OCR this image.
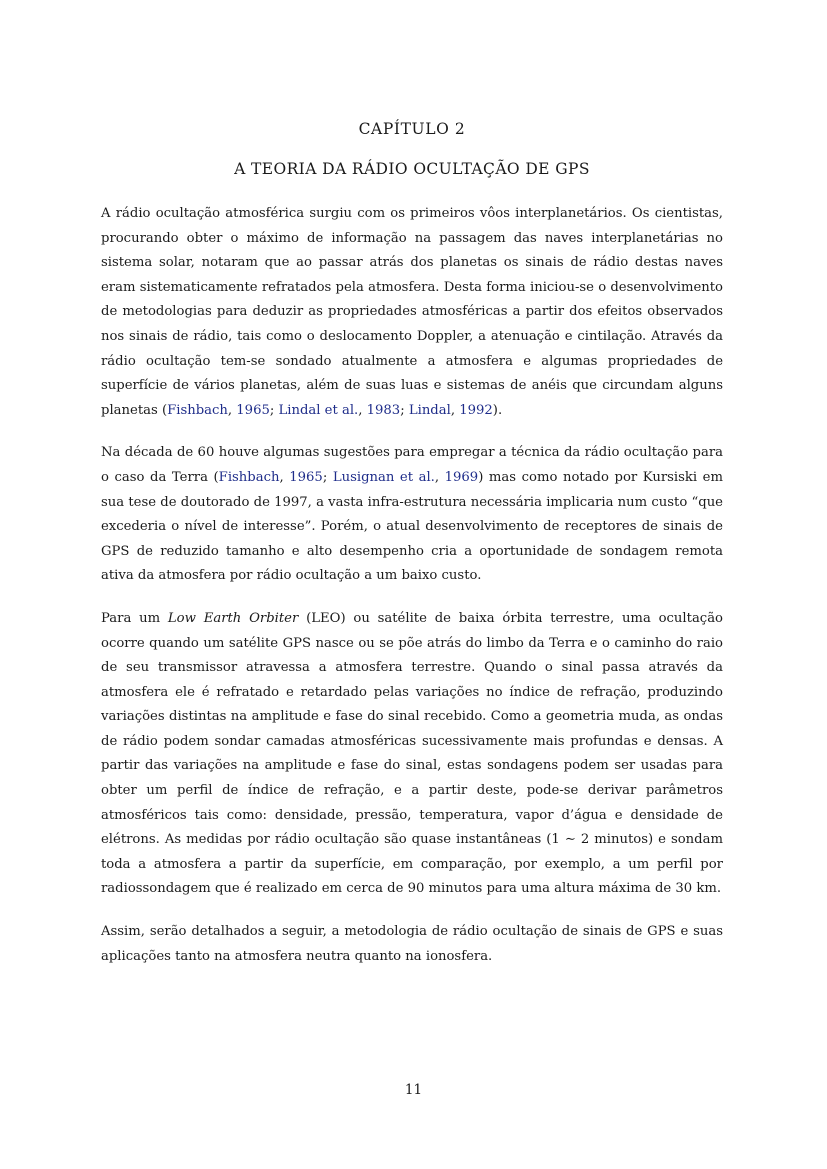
CAPÍTULO 2
A TEORIA DA RÁDIO OCULTAÇÃO DE GPS

A rádio ocultação atmosférica surgiu com os primeiros vôos interplanetários. Os cientistas, procurando obter o máximo de informação na passagem das naves interplanetárias no sistema solar, notaram que ao passar atrás dos planetas os sinais de rádio destas naves eram sistematicamente refratados pela atmosfera. Desta forma iniciou-se o desenvolvimento de metodologias para deduzir as propriedades atmosféricas a partir dos efeitos observados nos sinais de rádio, tais como o deslocamento Doppler, a atenuação e cintilação. Através da rádio ocultação tem-se sondado atualmente a atmosfera e algumas propriedades de superfície de vários planetas, além de suas luas e sistemas de anéis que circundam alguns planetas (Fishbach, 1965; Lindal et al., 1983; Lindal, 1992).

Na década de 60 houve algumas sugestões para empregar a técnica da rádio ocultação para o caso da Terra (Fishbach, 1965; Lusignan et al., 1969) mas como notado por Kursiski em sua tese de doutorado de 1997, a vasta infra-estrutura necessária implicaria num custo “que excederia o nível de interesse”. Porém, o atual desenvolvimento de receptores de sinais de GPS de reduzido tamanho e alto desempenho cria a oportunidade de sondagem remota ativa da atmosfera por rádio ocultação a um baixo custo.

Para um Low Earth Orbiter (LEO) ou satélite de baixa órbita terrestre, uma ocultação ocorre quando um satélite GPS nasce ou se põe atrás do limbo da Terra e o caminho do raio de seu transmissor atravessa a atmosfera terrestre. Quando o sinal passa através da atmosfera ele é refratado e retardado pelas variações no índice de refração, produzindo variações distintas na amplitude e fase do sinal recebido. Como a geometria muda, as ondas de rádio podem sondar camadas atmosféricas sucessivamente mais profundas e densas. A partir das variações na amplitude e fase do sinal, estas sondagens podem ser usadas para obter um perfil de índice de refração, e a partir deste, pode-se derivar parâmetros atmosféricos tais como: densidade, pressão, temperatura, vapor d’água e densidade de elétrons. As medidas por rádio ocultação são quase instantâneas (1 ∼ 2 minutos) e sondam toda a atmosfera a partir da superfície, em comparação, por exemplo, a um perfil por radiossondagem que é realizado em cerca de 90 minutos para uma altura máxima de 30 km.

Assim, serão detalhados a seguir, a metodologia de rádio ocultação de sinais de GPS e suas aplicações tanto na atmosfera neutra quanto na ionosfera.

11
